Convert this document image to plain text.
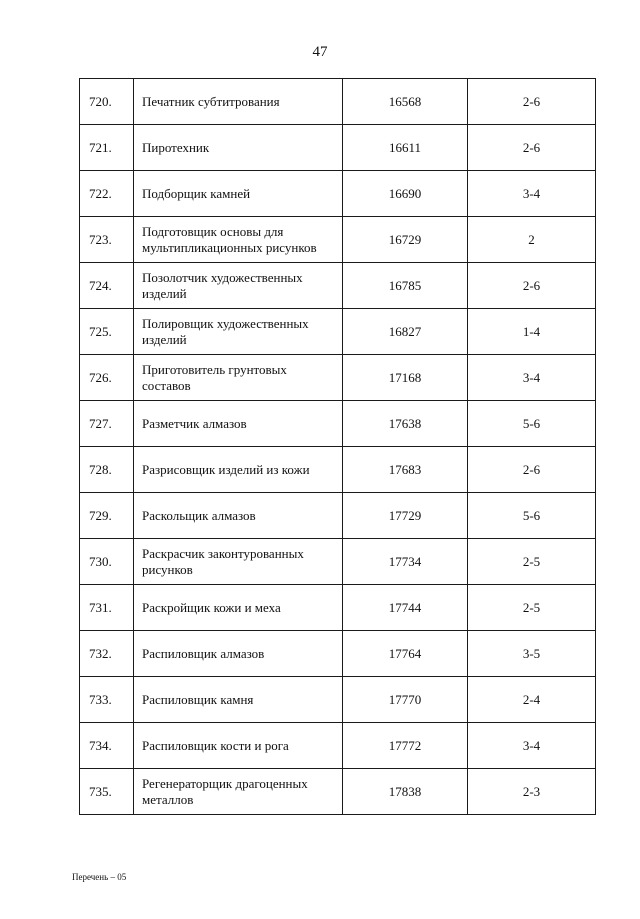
47
720.	Печатник субтитрования	16568	2-6
721.	Пиротехник	16611	2-6
722.	Подборщик камней	16690	3-4
723.	Подготовщик основы для мультипликационных рисунков	16729	2
724.	Позолотчик художественных изделий	16785	2-6
725.	Полировщик художественных изделий	16827	1-4
726.	Приготовитель грунтовых составов	17168	3-4
727.	Разметчик алмазов	17638	5-6
728.	Разрисовщик изделий из кожи	17683	2-6
729.	Раскольщик алмазов	17729	5-6
730.	Раскрасчик законтурованных рисунков	17734	2-5
731.	Раскройщик кожи и меха	17744	2-5
732.	Распиловщик алмазов	17764	3-5
733.	Распиловщик камня	17770	2-4
734.	Распиловщик кости и рога	17772	3-4
735.	Регенераторщик драгоценных металлов	17838	2-3
Перечень – 05
